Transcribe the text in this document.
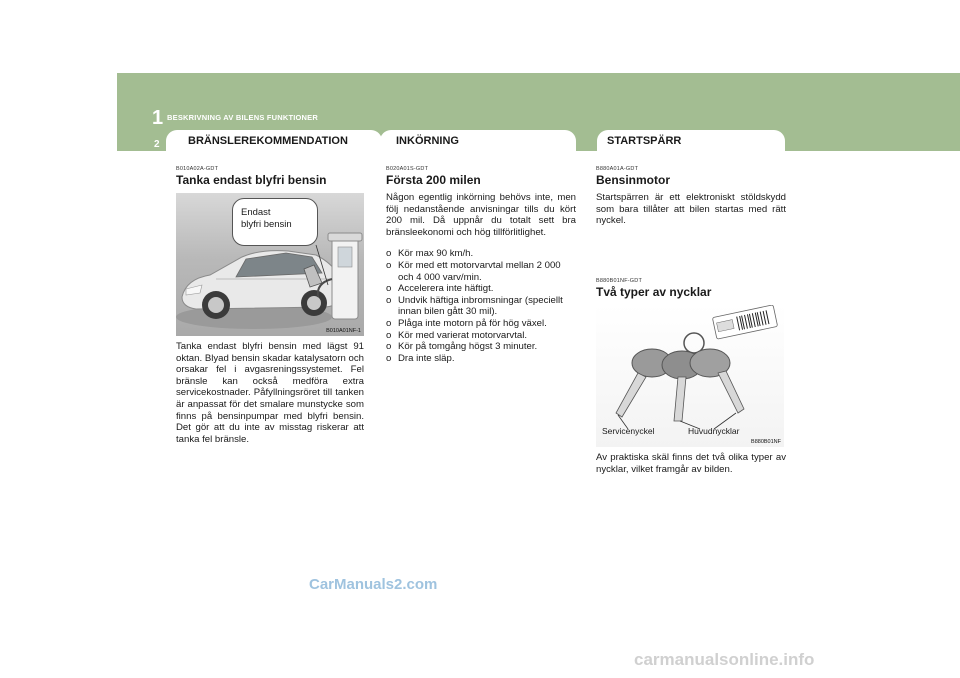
1 BESKRIVNING AV BILENS FUNKTIONER
2	BRÄNSLEREKOMMENDATION	INKÖRNING	STARTSPÄRR
B010A02A-GDT
Tanka endast blyfri bensin
Endast
blyfri bensin
B010A01NF-1
Tanka endast blyfri bensin med lägst 91 oktan. Blyad bensin skadar katalysatorn och orsakar fel i avgasreningssystemet. Fel bränsle kan också medföra extra servicekostnader. Påfyllningsröret till tanken är anpassat för det smalare munstycke som finns på bensinpumpar med blyfri bensin. Det gör att du inte av misstag riskerar att tanka fel bränsle.
B020A01S-GDT
Första 200 milen
Någon egentlig inkörning behövs inte, men följ nedanstående anvisningar tills du kört 200 mil. Då uppnår du totalt sett bra bränsleekonomi och hög tillförlitlighet.
o Kör max 90 km/h.
o Kör med ett motorvarvtal mellan 2 000 och 4 000 varv/min.
o Accelerera inte häftigt.
o Undvik häftiga inbromsningar (speciellt innan bilen gått 30 mil).
o Plåga inte motorn på för hög växel.
o Kör med varierat motorvarvtal.
o Kör på tomgång högst 3 minuter.
o Dra inte släp.
B880A01A-GDT
Bensinmotor
Startspärren är ett elektroniskt stöldskydd som bara tillåter att bilen startas med rätt nyckel.
B880B01NF-GDT
Två typer av nycklar
Servicenyckel	Huvudnycklar
B880B01NF
Av praktiska skäl finns det två olika typer av nycklar, vilket framgår av bilden.
CarManuals2.com
carmanualsonline.info
